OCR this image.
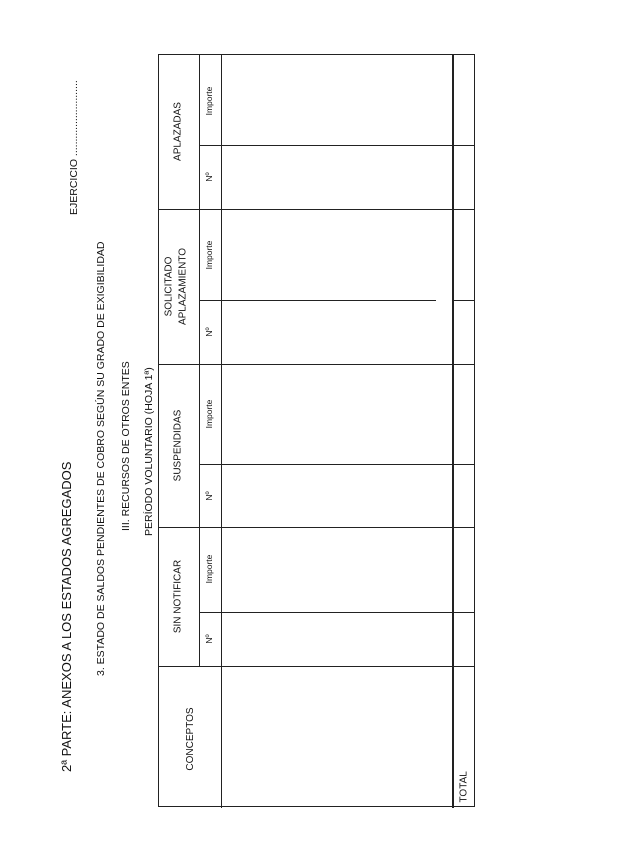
2ª PARTE: ANEXOS A LOS ESTADOS AGREGADOS 3. ESTADO DE SALDOS PENDIENTES DE COBRO SEGÚN SU GRADO DE EXIGIBILIDAD III. RECURSOS DE OTROS ENTES PERÍODO VOLUNTARIO (HOJA 1ª)
EJERCICIO ..........................
CONCEPTOS
SIN NOTIFICAR
Nº
Importe
SUSPENDIDAS
Nº
Importe
SOLICITADO APLAZAMIENTO
Nº
Importe
APLAZADAS
Nº
Importe
TOTAL
